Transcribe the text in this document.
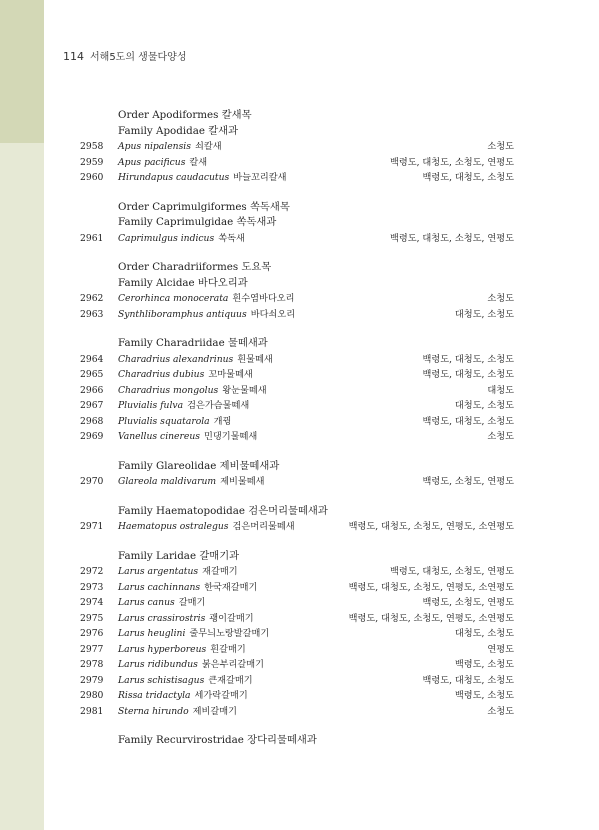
114 서해5도의 생물다양성
Order Apodiformes 칼새목
Family Apodidae 칼새과
2958	Apus nipalensis 쇠칼새	소청도
2959	Apus pacificus 칼새	백령도, 대청도, 소청도, 연평도
2960	Hirundapus caudacutus 바늘꼬리칼새	백령도, 대청도, 소청도
Order Caprimulgiformes 쏙독새목
Family Caprimulgidae 쏙독새과
2961	Caprimulgus indicus 쏙독새	백령도, 대청도, 소청도, 연평도
Order Charadriiformes 도요목
Family Alcidae 바다오리과
2962	Cerorhinca monocerata 흰수염바다오리	소청도
2963	Synthliboramphus antiquus 바다쇠오리	대청도, 소청도
Family Charadriidae 물떼새과
2964	Charadrius alexandrinus 흰물떼새	백령도, 대청도, 소청도
2965	Charadrius dubius 꼬마물떼새	백령도, 대청도, 소청도
2966	Charadrius mongolus 왕눈물떼새	대청도
2967	Pluvialis fulva 검은가슴물떼새	대청도, 소청도
2968	Pluvialis squatarola 개꿩	백령도, 대청도, 소청도
2969	Vanellus cinereus 민댕기물떼새	소청도
Family Glareolidae 제비물떼새과
2970	Glareola maldivarum 제비물떼새	백령도, 소청도, 연평도
Family Haematopodidae 검은머리물떼새과
2971	Haematopus ostralegus 검은머리물떼새	백령도, 대청도, 소청도, 연평도, 소연평도
Family Laridae 갈매기과
2972	Larus argentatus 재갈매기	백령도, 대청도, 소청도, 연평도
2973	Larus cachinnans 한국재갈매기	백령도, 대청도, 소청도, 연평도, 소연평도
2974	Larus canus 갈매기	백령도, 소청도, 연평도
2975	Larus crassirostris 괭이갈매기	백령도, 대청도, 소청도, 연평도, 소연평도
2976	Larus heuglini 줄무늬노랑발갈매기	대청도, 소청도
2977	Larus hyperboreus 흰갈매기	연평도
2978	Larus ridibundus 붉은부리갈매기	백령도, 소청도
2979	Larus schistisagus 큰재갈매기	백령도, 대청도, 소청도
2980	Rissa tridactyla 세가락갈매기	백령도, 소청도
2981	Sterna hirundo 제비갈매기	소청도
Family Recurvirostridae 장다리물떼새과
